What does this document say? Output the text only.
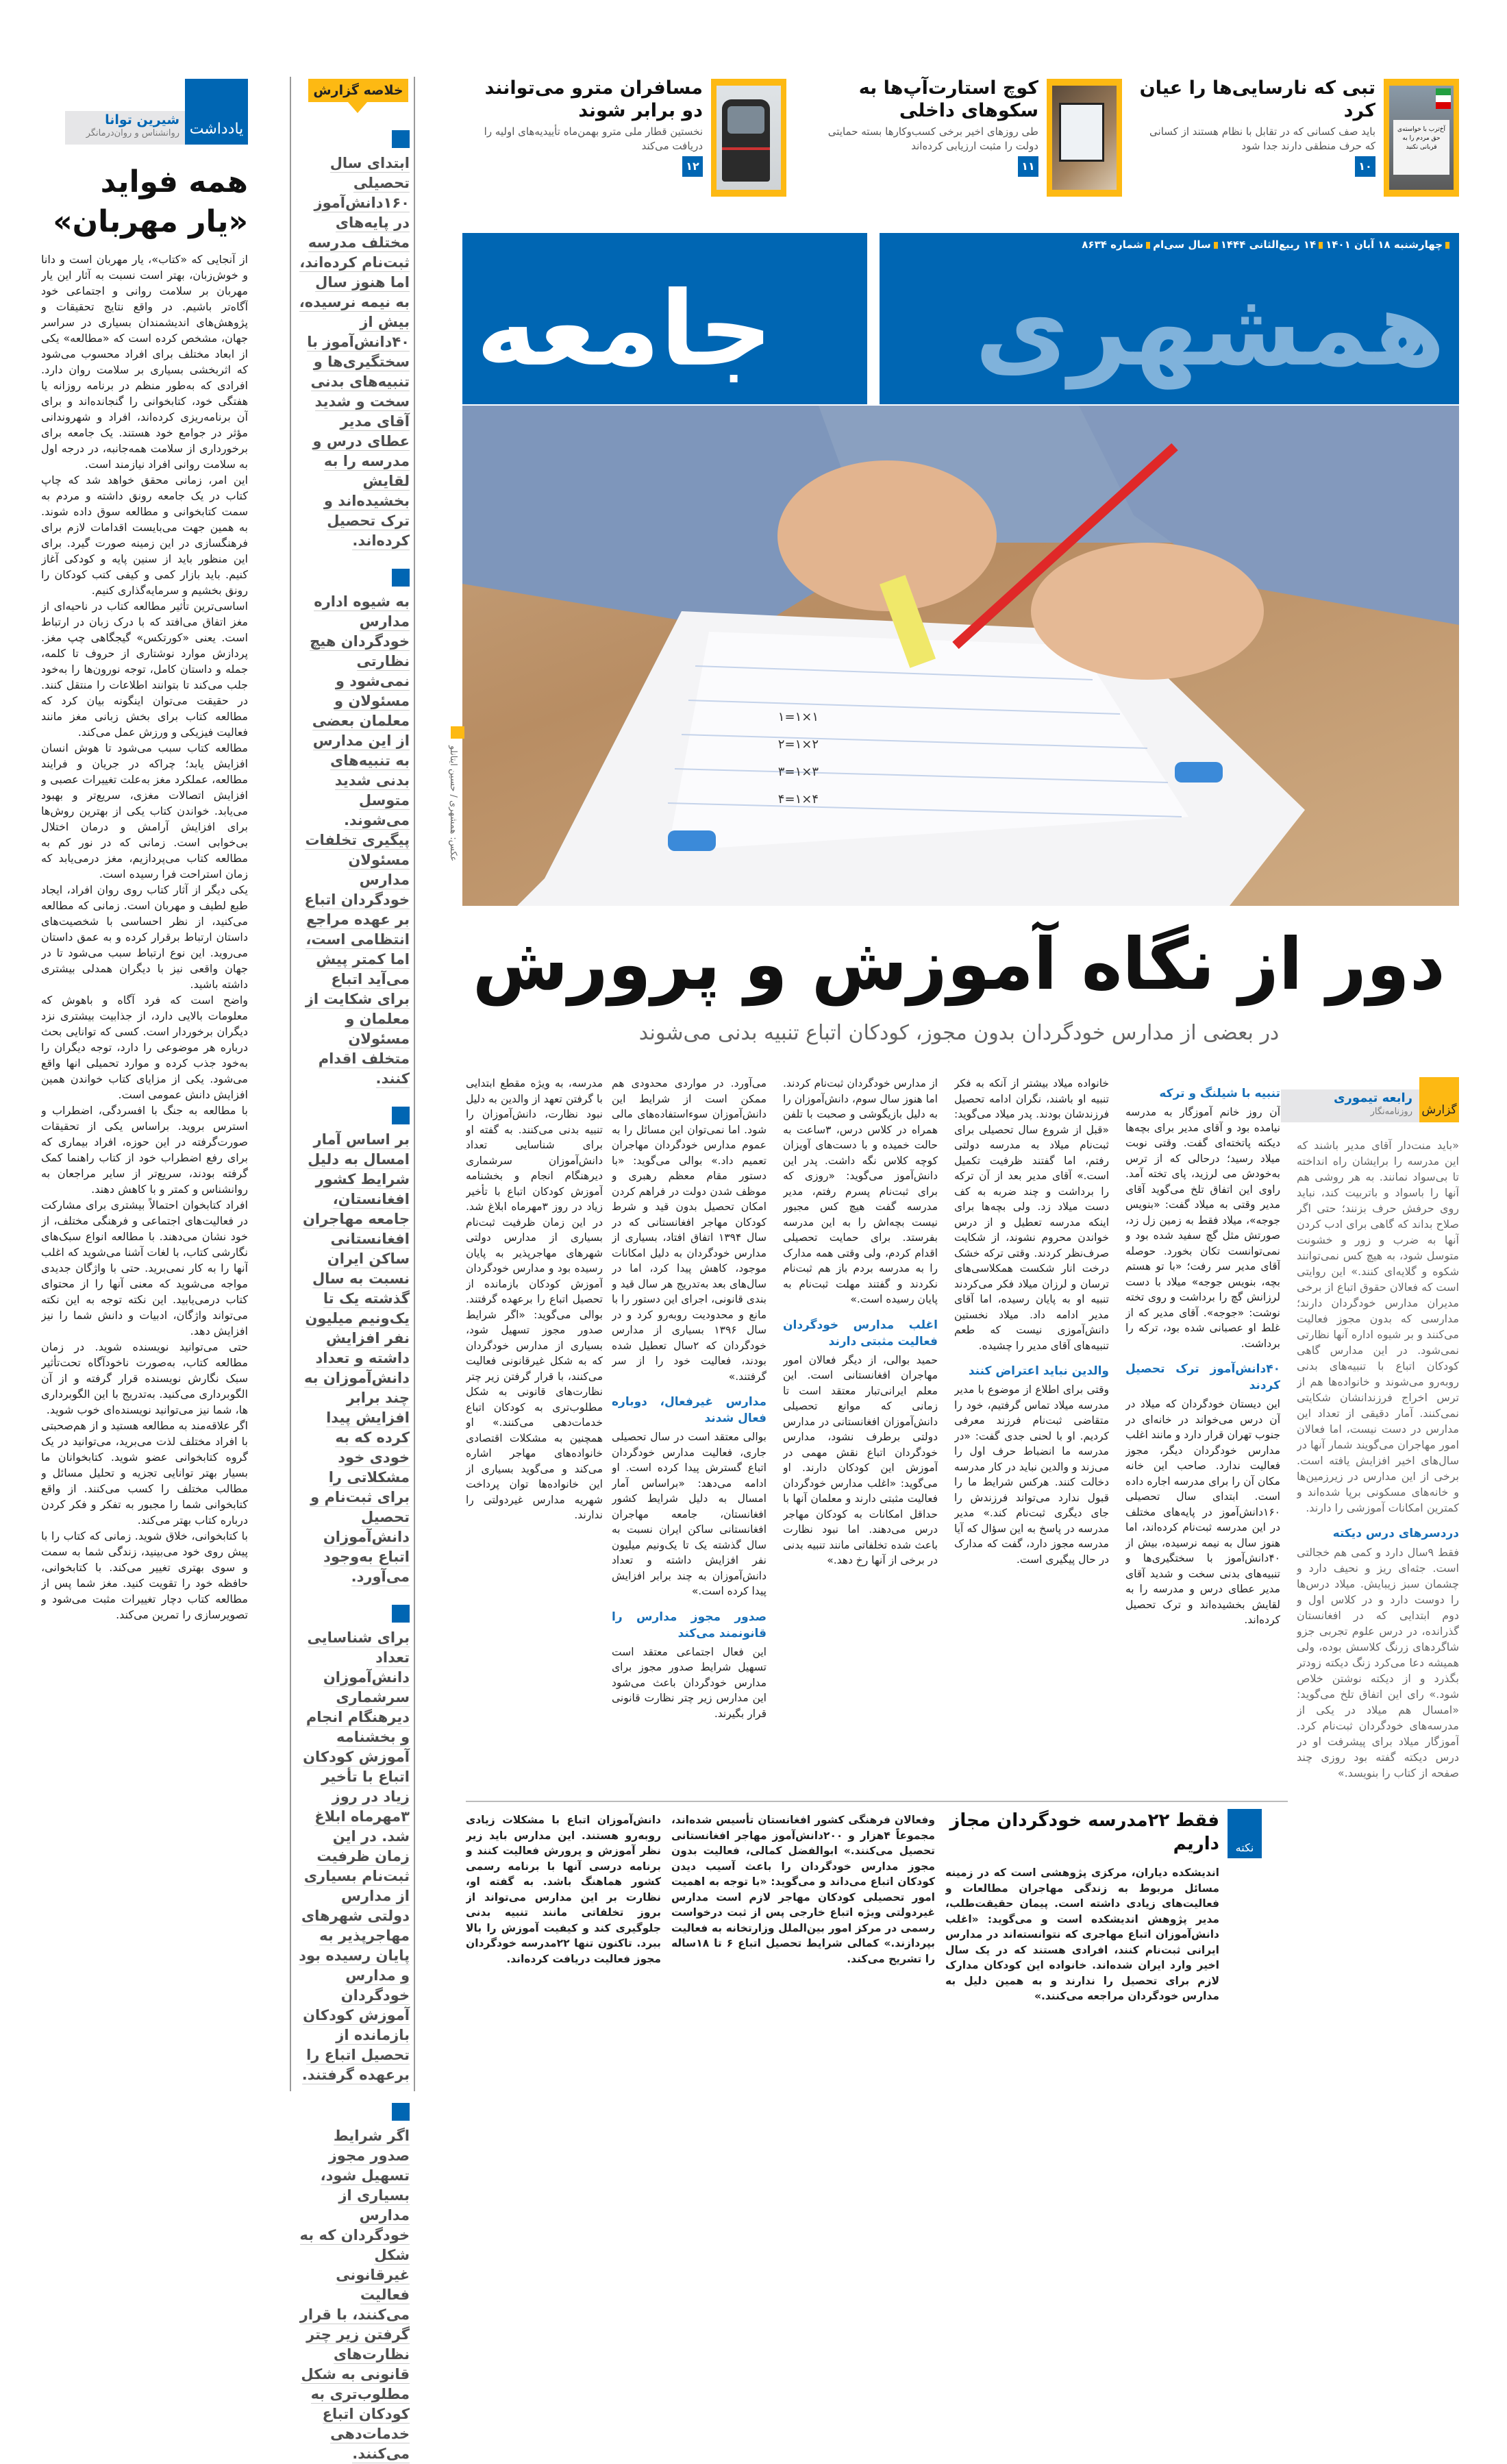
یادداشت
شیرین توانا
روانشناس و روان‌درمانگر
همه فواید «یار مهربان»

از آنجایی که «کتاب»، یار مهربان است و دانا و خوش‌زبان، بهتر است نسبت به آثار این یار مهربان بر سلامت روانی و اجتماعی خود آگاه‌تر باشیم. در واقع نتایج تحقیقات و پژوهش‌های اندیشمندان بسیاری در سراسر جهان، مشخص کرده است که «مطالعه» یکی از ابعاد مختلف برای افراد محسوب می‌شود که اثربخشی بسیاری بر سلامت روان دارد. افرادی که به‌طور منظم در برنامه روزانه یا هفتگی خود، کتابخوانی را گنجانده‌اند و برای آن برنامه‌ریزی کرده‌اند، افراد و شهروندانی مؤثر در جوامع خود هستند. یک جامعه برای برخورداری از سلامت همه‌جانبه، در درجه اول به سلامت روانی افراد نیازمند است.

این امر، زمانی محقق خواهد شد که چاپ کتاب در یک جامعه رونق داشته و مردم به سمت کتابخوانی و مطالعه سوق داده شوند. به همین جهت می‌بایست اقدامات لازم برای فرهنگسازی در این زمینه صورت گیرد. برای این منظور باید از سنین پایه و کودکی آغاز کنیم. باید بازار کمی و کیفی کتب کودکان را رونق بخشیم و سرمایه‌گذاری کنیم.

اساسی‌ترین تأثیر مطالعه کتاب در ناحیه‌ای از مغز اتفاق می‌افتد که با درک زبان در ارتباط است. یعنی «کورتکس» گیجگاهی چپ مغز. پردازش موارد نوشتاری از حروف تا کلمه، جمله و داستان کامل، توجه نورون‌ها را به‌خود جلب می‌کند تا بتوانند اطلاعات را منتقل کنند. در حقیقت می‌توان اینگونه بیان کرد که مطالعه کتاب برای بخش زبانی مغز مانند فعالیت فیزیکی و ورزش عمل می‌کند.

مطالعه کتاب سبب می‌شود تا هوش انسان افزایش یابد؛ چراکه در جریان و فرایند مطالعه، عملکرد مغز به‌علت تغییرات عصبی و افزایش اتصالات مغزی، سریع‌تر و بهبود می‌یابد. خواندن کتاب یکی از بهترین روش‌ها برای افزایش آرامش و درمان اختلال بی‌خوابی است. زمانی که در نور کم به مطالعه کتاب می‌پردازیم، مغز درمی‌یابد که زمان استراحت فرا رسیده است.

یکی دیگر از آثار کتاب روی روان افراد، ایجاد طبع لطیف و مهربان است. زمانی که مطالعه می‌کنید، از نظر احساسی با شخصیت‌های داستان ارتباط برقرار کرده و به عمق داستان می‌روید. این نوع ارتباط سبب می‌شود تا در جهان واقعی نیز با دیگران همدلی بیشتری داشته باشید.

واضح است که فرد آگاه و باهوش که معلومات بالایی دارد، از جذابیت بیشتری نزد دیگران برخوردار است. کسی که توانایی بحث درباره هر موضوعی را دارد، توجه دیگران را به‌خود جذب کرده و موارد تحمیلی انها واقع می‌شود. یکی از مزایای کتاب خواندن همین افزایش دانش عمومی است.

با مطالعه به‌ جنگ با افسردگی، اضطراب و استرس بروید. براساس یکی از تحقیقات صورت‌گرفته در این حوزه، افراد بیماری که برای رفع اضطراب خود از کتاب راهنما کمک گرفته بودند، سریع‌تر از سایر مراجعان به روانشناس و کمتر و با کاهش دهند.

افراد کتابخوان احتمالاً بیشتری برای مشارکت در فعالیت‌های اجتماعی و فرهنگی مختلف، از خود نشان می‌دهند. با مطالعه انواع سبک‌های نگارشی کتاب، با لغات آشنا می‌شوید که اغلب آنها را به کار نمی‌برید. حتی با واژگان جدیدی مواجه می‌شوید که معنی آنها را از محتوای کتاب درمی‌یابید. این نکته توجه به این نکته می‌تواند واژگان، ادبیات و دانش شما را نیز افزایش دهد.

حتی می‌توانید نویسنده شوید. در زمان مطالعه کتاب، به‌صورت ناخودآگاه تحت‌تأثیر سبک نگارش نویسنده قرار گرفته و از آن الگوبرداری می‌کنید. به‌تدریج با این الگوبرداری ها، شما نیز می‌توانید نویسنده‌ای خوب شوید.

اگر علاقه‌مند به مطالعه هستید و از هم‌صحبتی با افراد مختلف لذت می‌برید، می‌توانید در یک گروه کتابخوانی عضو شوید. کتابخوانان ما بسیار بهتر توانایی تجزیه و تحلیل مسائل و مطالب مختلف را کسب می‌کنند. از واقع کتابخوانی شما را مجبور به تفکر و فکر کردن درباره کتاب بهتر می‌کند.

با کتابخوانی، خلاق شوید. زمانی که کتاب را با پیش روی خود می‌بینید، زندگی شما به سمت و سوی بهتری تغییر می‌کند. با کتابخوانی، حافظه خود را تقویت کنید. مغز شما پس از مطالعه کتاب دچار تغییرات مثبت می‌شود و تصویرسازی را تمرین می‌کند.

خلاصه گزارش
ابتدای سال تحصیلی ۱۶۰دانش‌آموز در پایه‌های مختلف مدرسه ثبت‌نام کرده‌اند، اما هنوز سال به نیمه نرسیده، بیش از ۴۰دانش‌آموز با سختگیری‌ها و تنبیه‌های بدنی سخت و شدید آقای مدیر عطای درس و مدرسه را به لقایش بخشیده‌اند و ترک تحصیل کرده‌اند.
به شیوه اداره مدارس خودگردان هیچ نظارتی نمی‌شود و مسئولان و معلمان بعضی از این مدارس به تنبیه‌های بدنی شدید متوسل می‌شوند. پیگیری تخلفات مسئولان مدارس خودگردان اتباع بر عهده مراجع انتظامی است، اما کمتر پیش می‌آید اتباع برای شکایت از معلمان و مسئولان متخلف اقدام کنند.
بر اساس آمار امسال به دلیل شرایط کشور افغانستان، جامعه مهاجران افغانستانی ساکن ایران نسبت به سال گذشته یک تا یک‌ونیم میلیون نفر افزایش داشته و تعداد دانش‌آموزان به چند برابر افزایش پیدا کرده که به خودی خود مشکلاتی را برای ثبت‌نام و تحصیل دانش‌آموزان اتباع به‌وجود می‌آورد.
برای شناسایی تعداد دانش‌آموزان سرشماری دیرهنگام انجام و بخشنامه آموزش کودکان اتباع با تأخیر زیاد در روز ۳مهرماه ابلاغ شد. در این زمان ظرفیت ثبت‌نام بسیاری از مدارس دولتی شهرهای مهاجرپذیر به پایان رسیده بود و مدارس خودگردان آموزش کودکان بازمانده از تحصیل اتباع را برعهده گرفتند.
اگر شرایط صدور مجوز تسهیل شود، بسیاری از مدارس خودگردان که به شکل غیرقانونی فعالیت می‌کنند، با قرار گرفتن زیر چتر نظارت‌های قانونی به شکل مطلوب‌تری به کودکان اتباع خدمات‌دهی می‌کنند.
آخ‌ترب با خواسته‌ی حق مردم را به قربانی نکنید
تبی که نارسایی‌ها را عیان کرد
باید صف کسانی که در تقابل با نظام هستند از کسانی که حرف منطقی دارند جدا شود
۱۰
کوچ استارت‌آپ‌ها به سکوهای داخلی
طی روزهای اخیر برخی کسب‌وکارها بسته حمایتی دولت را مثبت ارزیابی کرده‌اند
۱۱
مسافران مترو می‌توانند دو برابر شوند
نخستین قطار ملی مترو بهمن‌ماه تأییدیه‌های اولیه را دریافت می‌کند
۱۲
چهارشنبه ۱۸ آبان ۱۴۰۱۱۴ ربیع‌الثانی ۱۴۴۴سال سی‌امشماره ۸۶۳۴
همشهری
جامعه
۱×۱=۱
۲×۱=۲
۳×۱=۳
۴×۱=۴
عکس: همشهری / حسین ایتانلو
دور از نگاه آموزش و پرورش
در بعضی از مدارس خودگردان بدون مجوز، کودکان اتباع تنبیه بدنی می‌شوند
گزارش
رابعه تیموری
روزنامه‌نگار

«باید منت‌دار آقای مدیر باشند که این مدرسه را برایشان راه انداخته تا بی‌سواد نمانند. به هر روشی هم آنها را باسواد و باتربیت کند، نباید روی حرفش حرف بزنند؛ حتی اگر صلاح بداند که گاهی برای ادب کردن آنها به ضرب و زور و خشونت متوسل شود، به هیچ کس نمی‌توانند شکوه و گلایه‌ای کنند.» این روایتی است که فعالان حقوق اتباع از برخی مدیران مدارس خودگردان دارند؛ مدارسی که بدون مجوز فعالیت می‌کنند و بر شیوه اداره آنها نظارتی نمی‌شود. در این مدارس گاهی کودکان اتباع با تنبیه‌های بدنی روبه‌رو می‌شوند و خانواده‌ها هم از ترس اخراج فرزندانشان شکایتی نمی‌کنند. آمار دقیقی از تعداد این مدارس در دست نیست، اما فعالان امور مهاجران می‌گویند شمار آنها در سال‌های اخیر افزایش یافته است. برخی از این مدارس در زیرزمین‌ها و خانه‌های مسکونی برپا شده‌اند و کمترین امکانات آموزشی را دارند.

دردسرهای درس دیکته

فقط ۹سال دارد و کمی هم خجالتی است. جثه‌ای ریز و نحیف دارد و چشمان سبز زیبایش. میلاد درس‌ها را دوست دارد و در کلاس اول و دوم ابتدایی که در افغانستان گذرانده، در درس علوم تجربی جزو شاگردهای زرنگ کلاسش بوده، ولی همیشه دعا می‌کرد زنگ دیکته زودتر بگذرد و از دیکته نوشتن خلاص شود.» رای این اتفاق تلخ می‌گوید: «امسال هم میلاد در یکی از مدرسه‌های خودگردان ثبت‌نام کرد. آموزگار میلاد برای پیشرفت او در درس دیکته گفته بود روزی چند صفحه از کتاب را بنویسد.»

تنبیه با شیلنگ و ترکه

آن روز خانم آموزگار به مدرسه نیامده بود و آقای مدیر برای بچه‌ها دیکته پاتخته‌ای گفت. وقتی نوبت میلاد رسید؛ درحالی که از ترس به‌خودش می لرزید، پای تخته آمد. راوی این اتفاق تلخ می‌گوید آقای مدیر وقتی به میلاد گفت: «بنویس جوجه»، میلاد فقط به زمین زل زد، صورتش مثل گچ سفید شده بود و نمی‌توانست تکان بخورد. حوصله آقای مدیر سر رفت؛ «با تو هستم بچه، بنویس جوجه» میلاد با دست لرزانش گچ را برداشت و روی تخته نوشت: «جوجه». آقای مدیر که از غلط او عصبانی شده بود، ترکه را برداشت.

۴۰دانش‌آموز ترک تحصیل کردند

این دیستان خودگردان که میلاد در آن درس می‌خواند در خانه‌ای در جنوب تهران قرار دارد و مانند اغلب مدارس خودگردان دیگر، مجوز فعالیت ندارد. صاحب این خانه مکان آن را برای مدرسه اجاره داده است. ابتدای سال تحصیلی ۱۶۰دانش‌آموز در پایه‌های مختلف در این مدرسه ثبت‌نام کرده‌اند، اما هنوز سال به نیمه نرسیده، بیش از ۴۰دانش‌آموز با سختگیری‌ها و تنبیه‌های بدنی سخت و شدید آقای مدیر عطای درس و مدرسه را به لقایش بخشیده‌اند و ترک تحصیل کرده‌اند.

خانواده میلاد بیشتر از آنکه به فکر تنبیه او باشند، نگران ادامه تحصیل فرزندشان بودند. پدر میلاد می‌گوید: «قبل از شروع سال تحصیلی برای ثبت‌نام میلاد به مدرسه دولتی رفتم، اما گفتند ظرفیت تکمیل است.» آقای مدیر بعد از آن ترکه را برداشت و چند ضربه به کف دست میلاد زد. ولی بچه‌ها برای اینکه مدرسه تعطیل و از درس خواندن محروم نشوند، از شکایت صرف‌نظر کردند. وقتی ترکه خشک درخت انار شکست همکلاسی‌های ترسان و لرزان میلاد فکر می‌کردند تنبیه او به پایان رسیده، اما آقای مدیر ادامه داد. میلاد نخستین دانش‌آموزی نیست که طعم تنبیه‌های آقای مدیر را چشیده.

والدین نباید اعتراض کنند

وقتی برای اطلاع از موضوع با مدیر مدرسه میلاد تماس گرفتیم، خود را متقاضی ثبت‌نام فرزند معرفی کردیم. او با لحنی جدی گفت: «در مدرسه ما انضباط حرف اول را می‌زند و والدین نباید در کار مدرسه دخالت کنند. هرکس شرایط ما را قبول ندارد می‌تواند فرزندش را جای دیگری ثبت‌نام کند.» مدیر مدرسه در پاسخ به این سؤال که آیا مدرسه مجوز دارد، گفت که مدارک در حال پیگیری است.

از مدارس خودگردان ثبت‌نام کردند. اما هنوز سال سوم، دانش‌آموزان را به دلیل بازیگوشی و صحبت با تلفن همراه در کلاس درس، ۳ساعت به حالت خمیده و با دست‌های آویزان کوچه کلاس نگه داشت. پدر این دانش‌آموز می‌گوید: «روزی که برای ثبت‌نام پسرم رفتم، مدیر مدرسه گفت هیچ کس مجبور نیست بچه‌اش را به این مدرسه بفرستد. برای حمایت تحصیلی اقدام کردم، ولی وقتی همه مدارک را به مدرسه بردم باز هم ثبت‌نام نکردند و گفتند مهلت ثبت‌نام به پایان رسیده است.»

اغلب مدارس خودگردان فعالیت مثبتی دارند

حمید بوالی، از دیگر فعالان امور مهاجران افغانستانی است. این معلم ایرانی‌تبار معتقد است تا زمانی که موانع تحصیلی دانش‌آموزان افغانستانی در مدارس دولتی برطرف نشود، مدارس خودگردان اتباع نقش مهمی در آموزش این کودکان دارند. او می‌گوید: «اغلب مدارس خودگردان فعالیت مثبتی دارند و معلمان آنها با حداقل امکانات به کودکان مهاجر درس می‌دهند. اما نبود نظارت باعث شده تخلفاتی مانند تنبیه بدنی در برخی از آنها رخ دهد.»

می‌آورد. در مواردی محدودی هم ممکن است از شرایط این دانش‌آموزان سوءاستفاده‌های مالی شود. اما نمی‌توان این مسائل را به عموم مدارس خودگردان مهاجران تعمیم داد.» بوالی می‌گوید: «با دستور مقام معظم رهبری و موظف شدن دولت در فراهم کردن امکان تحصیل بدون قید و شرط کودکان مهاجر افغانستانی که در سال ۱۳۹۴ اتفاق افتاد، بسیاری از مدارس خودگردان به دلیل امکانات موجود، کاهش پیدا کرد، اما در سال‌های بعد به‌تدریج هر سال قید و بندی قانونی، اجرای این دستور را با مانع و محدودیت روبه‌رو کرد و در سال ۱۳۹۶ بسیاری از مدارس خودگردان که ۲سال تعطیل شده بودند، فعالیت خود را از سر گرفتند.»

مدارس غیرفعال، دوباره فعال شدند

بوالی معتقد است در سال تحصیلی جاری، فعالیت مدارس خودگردان اتباع گسترش پیدا کرده است. او ادامه می‌دهد: «براساس آمار امسال به دلیل شرایط کشور افغانستان، جامعه مهاجران افغانستانی ساکن ایران نسبت به سال گذشته یک تا یک‌ونیم میلیون نفر افزایش داشته و تعداد دانش‌آموزان به چند برابر افزایش پیدا کرده است.»

صدور مجوز مدارس را قانونمند می‌کند

این فعال اجتماعی معتقد است تسهیل شرایط صدور مجوز برای مدارس خودگردان باعث می‌شود این مدارس زیر چتر نظارت قانونی قرار بگیرند.

مدرسه، به ویژه مقطع ابتدایی با گرفتن تعهد از والدین به دلیل نبود نظارت، دانش‌آموزان را تنبیه بدنی می‌کنند. به گفته او برای شناسایی تعداد دانش‌آموزان سرشماری دیرهنگام انجام و بخشنامه آموزش کودکان اتباع با تأخیر زیاد در روز ۳مهرماه ابلاغ شد. در این زمان ظرفیت ثبت‌نام بسیاری از مدارس دولتی شهرهای مهاجرپذیر به پایان رسیده بود و مدارس خودگردان آموزش کودکان بازمانده از تحصیل اتباع را برعهده گرفتند. بوالی می‌گوید: «اگر شرایط صدور مجوز تسهیل شود، بسیاری از مدارس خودگردان که به شکل غیرقانونی فعالیت می‌کنند، با قرار گرفتن زیر چتر نظارت‌های قانونی به شکل مطلوب‌تری به کودکان اتباع خدمات‌دهی می‌کنند.» او همچنین به مشکلات اقتصادی خانواده‌های مهاجر اشاره می‌کند و می‌گوید بسیاری از این خانواده‌ها توان پرداخت شهریه مدارس غیردولتی را ندارند.

نکته
فقط ۲۲مدرسه خودگردان مجاز داریم
اندیشکده دیاران، مرکزی پژوهشی است که در زمینه مسائل مربوط به زندگی مهاجران مطالعات و فعالیت‌های زیادی داشته است. پیمان حقیقت‌طلب، مدیر پژوهش اندیشکده است و می‌گوید: «اغلب دانش‌آموزان اتباع مهاجری که نتوانسته‌اند در مدارس ایرانی ثبت‌نام کنند، افرادی هستند که در یک سال اخیر وارد ایران شده‌اند. خانواده این کودکان مدارک لازم برای تحصیل را ندارند و به همین دلیل به مدارس خودگردان مراجعه می‌کنند.»
وفعالان فرهنگی کشور افغانستان تأسیس شده‌اند، مجموعاً ۴هزار و ۲۰۰دانش‌آموز مهاجر افغانستانی تحصیل می‌کنند.» ابوالفضل کمالی، فعالیت بدون مجوز مدارس خودگردان را باعث آسیب دیدن کودکان اتباع می‌داند و می‌گوید: «با توجه به اهمیت امور تحصیلی کودکان مهاجر لازم است مدارس غیردولتی ویژه اتباع خارجی پس از ثبت درخواست رسمی در مرکز امور بین‌الملل وزارتخانه به فعالیت بپردازند.» کمالی شرایط تحصیل اتباع ۶ تا ۱۸ساله را تشریح می‌کند.
دانش‌آموزان اتباع با مشکلات زیادی روبه‌رو هستند. این مدارس باید زیر نظر آموزش و پرورش فعالیت کنند و برنامه درسی آنها با برنامه رسمی کشور هماهنگ باشد. به گفته او، نظارت بر این مدارس می‌تواند از بروز تخلفاتی مانند تنبیه بدنی جلوگیری کند و کیفیت آموزش را بالا ببرد. تاکنون تنها ۲۲مدرسه خودگردان مجوز فعالیت دریافت کرده‌اند.
